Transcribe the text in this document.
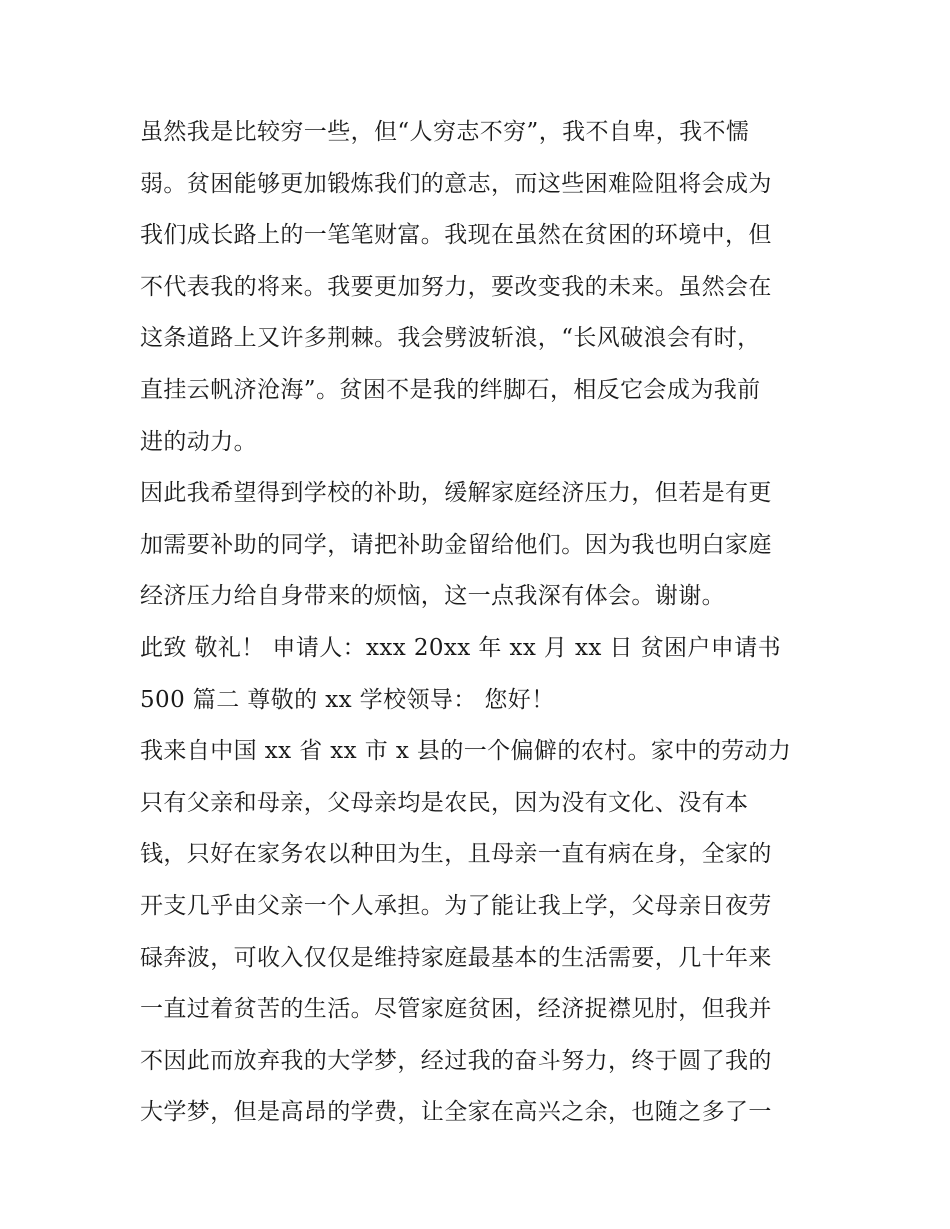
虽然我是比较穷一些，但“人穷志不穷”，我不自卑，我不懦
弱。贫困能够更加锻炼我们的意志，而这些困难险阻将会成为
我们成长路上的一笔笔财富。我现在虽然在贫困的环境中，但
不代表我的将来。我要更加努力，要改变我的未来。虽然会在
这条道路上又许多荆棘。我会劈波斩浪，“长风破浪会有时，
直挂云帆济沧海”。贫困不是我的绊脚石，相反它会成为我前
进的动力。
因此我希望得到学校的补助，缓解家庭经济压力，但若是有更
加需要补助的同学，请把补助金留给他们。因为我也明白家庭
经济压力给自身带来的烦恼，这一点我深有体会。谢谢。
此致 敬礼！ 申请人：xxx 20xx 年 xx 月 xx 日 贫困户申请书
500 篇二 尊敬的 xx 学校领导： 您好！
我来自中国 xx 省 xx 市 x 县的一个偏僻的农村。家中的劳动力
只有父亲和母亲，父母亲均是农民，因为没有文化、没有本
钱，只好在家务农以种田为生，且母亲一直有病在身，全家的
开支几乎由父亲一个人承担。为了能让我上学，父母亲日夜劳
碌奔波，可收入仅仅是维持家庭最基本的生活需要，几十年来
一直过着贫苦的生活。尽管家庭贫困，经济捉襟见肘，但我并
不因此而放弃我的大学梦，经过我的奋斗努力，终于圆了我的
大学梦，但是高昂的学费，让全家在高兴之余，也随之多了一
